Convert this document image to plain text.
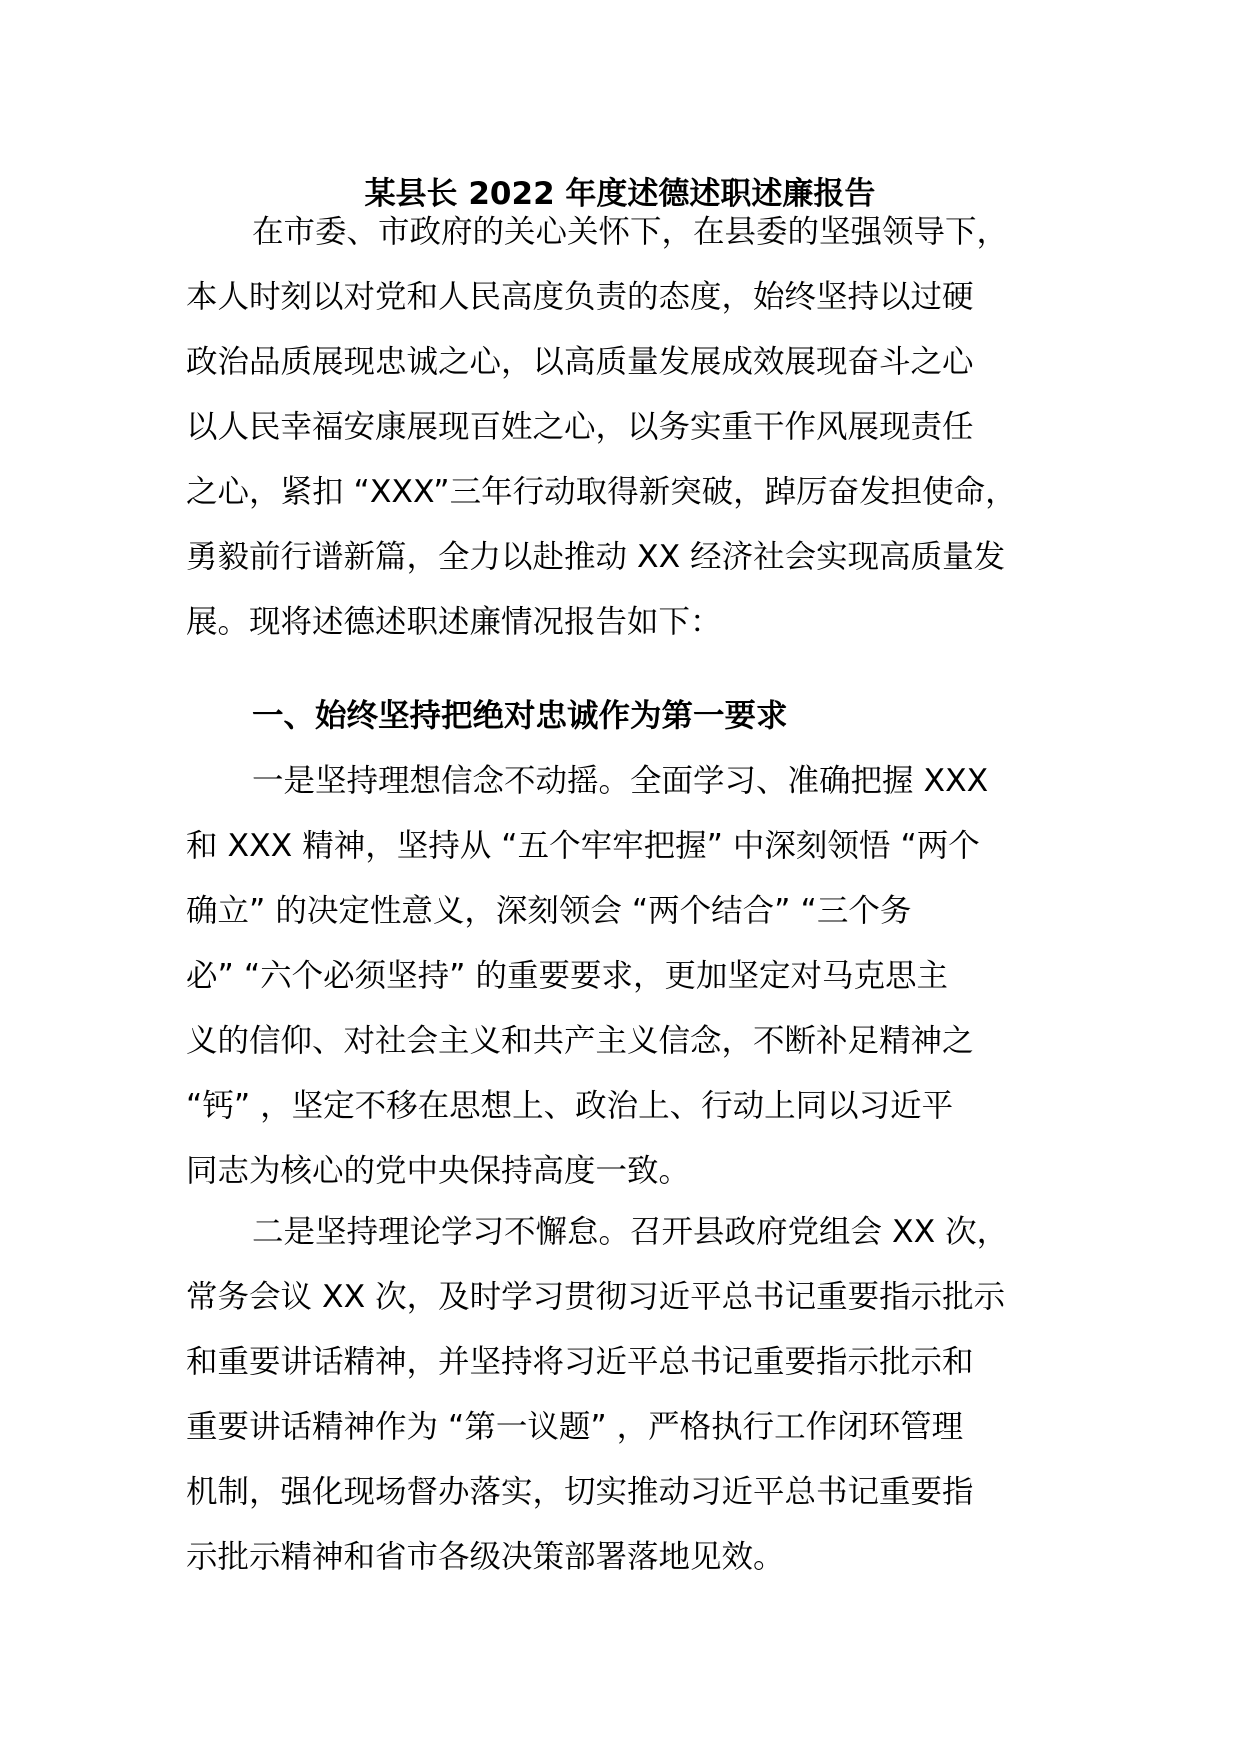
某县长 2022 年度述德述职述廉报告
在市委、市政府的关心关怀下，在县委的坚强领导下，
本人时刻以对党和人民高度负责的态度，始终坚持以过硬
政治品质展现忠诚之心，以高质量发展成效展现奋斗之心
以人民幸福安康展现百姓之心，以务实重干作风展现责任
之心，紧扣 “XXX”三年行动取得新突破，踔厉奋发担使命，
勇毅前行谱新篇，全力以赴推动 XX 经济社会实现高质量发
展。现将述德述职述廉情况报告如下：
一、始终坚持把绝对忠诚作为第一要求
一是坚持理想信念不动摇。全面学习、准确把握 XXX
和 XXX 精神，坚持从 “五个牢牢把握” 中深刻领悟 “两个
确立” 的决定性意义，深刻领会 “两个结合” “三个务
必” “六个必须坚持” 的重要要求，更加坚定对马克思主
义的信仰、对社会主义和共产主义信念，不断补足精神之
“钙” ，坚定不移在思想上、政治上、行动上同以习近平
同志为核心的党中央保持高度一致。
二是坚持理论学习不懈怠。召开县政府党组会 XX 次，
常务会议 XX 次，及时学习贯彻习近平总书记重要指示批示
和重要讲话精神，并坚持将习近平总书记重要指示批示和
重要讲话精神作为 “第一议题” ，严格执行工作闭环管理
机制，强化现场督办落实，切实推动习近平总书记重要指
示批示精神和省市各级决策部署落地见效。
